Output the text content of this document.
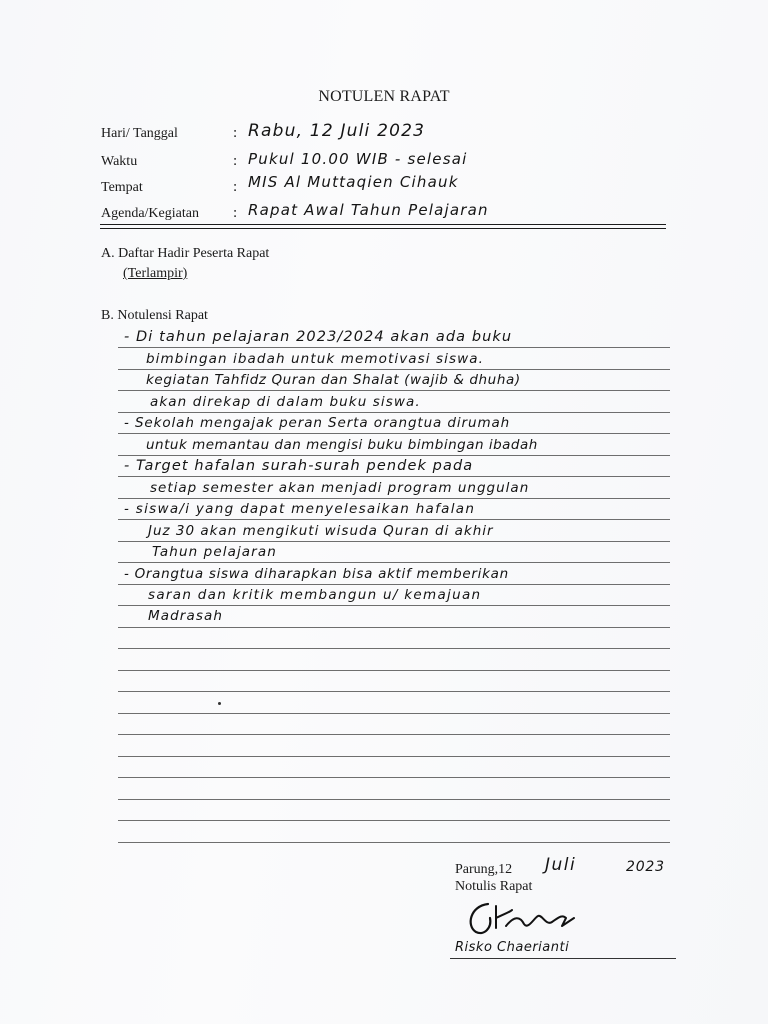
NOTULEN RAPAT
Hari/ Tanggal	: Rabu, 12 Juli 2023
Waktu	: Pukul 10.00 WIB - selesai
Tempat	: MIS Al Muttaqien Cihauk
Agenda/Kegiatan : Rapat Awal Tahun Pelajaran
A. Daftar Hadir Peserta Rapat
(Terlampir)
B. Notulensi Rapat
- Di tahun pelajaran 2023/2024 akan ada buku
bimbingan ibadah untuk memotivasi siswa.
kegiatan Tahfidz Quran dan Shalat (wajib & dhuha)
akan direkap di dalam buku siswa.
- Sekolah mengajak peran Serta orangtua dirumah
untuk memantau dan mengisi buku bimbingan ibadah
- Target hafalan surah-surah pendek pada
setiap semester akan menjadi program unggulan
- siswa/i yang dapat menyelesaikan hafalan
Juz 30 akan mengikuti wisuda Quran di akhir
Tahun pelajaran
- Orangtua siswa diharapkan bisa aktif memberikan
saran dan kritik membangun u/ kemajuan
Madrasah
Parung,12 Juli	2023
Notulis Rapat
Risko Chaerianti
